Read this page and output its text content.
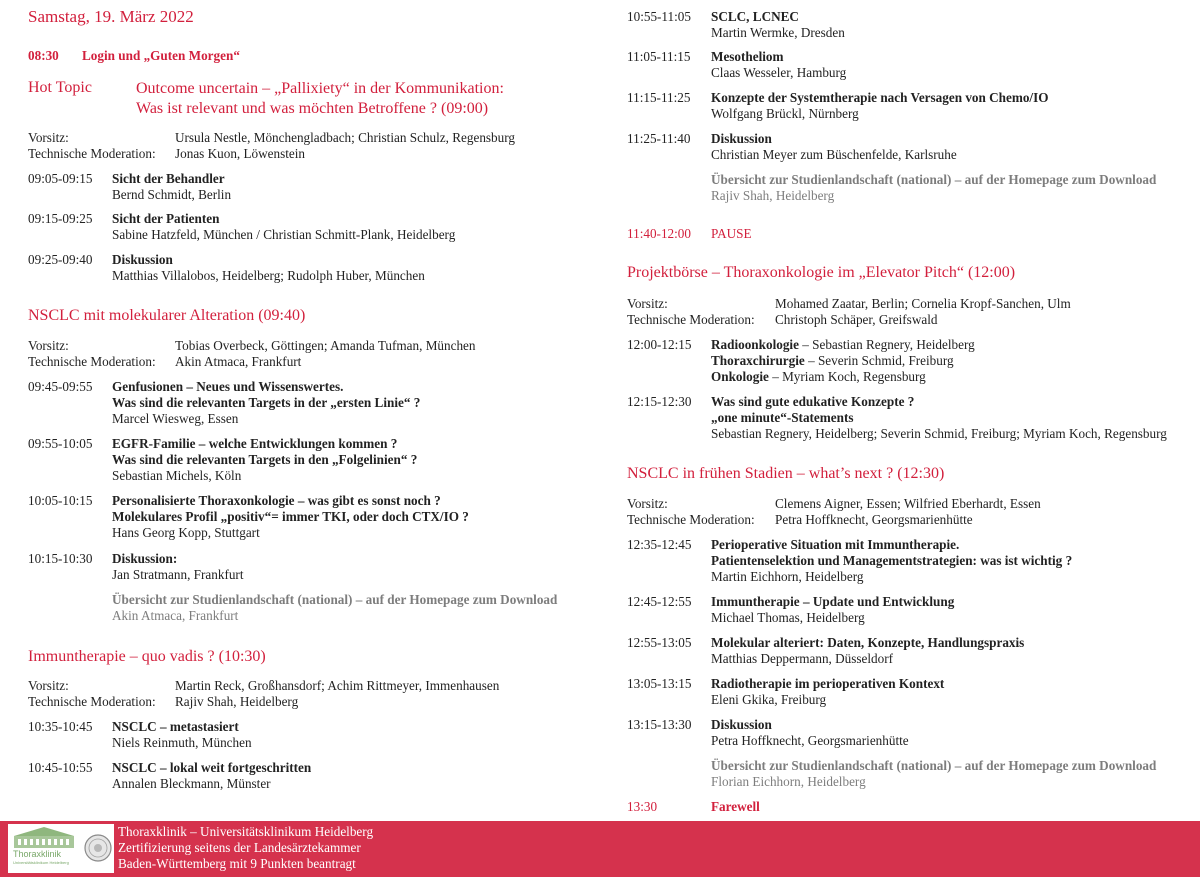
Samstag, 19. März 2022
08:30 Login und „Guten Morgen“
Hot Topic	Outcome uncertain – „Pallixiety“ in der Kommunikation:
Was ist relevant und was möchten Betroffene ? (09:00)
Vorsitz:	Ursula Nestle, Mönchengladbach; Christian Schulz, Regensburg
Technische Moderation: Jonas Kuon, Löwenstein
09:05-09:15 Sicht der Behandler
Bernd Schmidt, Berlin
09:15-09:25 Sicht der Patienten
Sabine Hatzfeld, München / Christian Schmitt-Plank, Heidelberg
09:25-09:40 Diskussion
Matthias Villalobos, Heidelberg; Rudolph Huber, München
NSCLC mit molekularer Alteration (09:40)
Vorsitz:	Tobias Overbeck, Göttingen; Amanda Tufman, München
Technische Moderation: Akin Atmaca, Frankfurt
09:45-09:55 Genfusionen – Neues und Wissenswertes.
Was sind die relevanten Targets in der „ersten Linie“ ?
Marcel Wiesweg, Essen
09:55-10:05 EGFR-Familie – welche Entwicklungen kommen ?
Was sind die relevanten Targets in den „Folgelinien“ ?
Sebastian Michels, Köln
10:05-10:15 Personalisierte Thoraxonkologie – was gibt es sonst noch ?
Molekulares Profil „positiv“= immer TKI, oder doch CTX/IO ?
Hans Georg Kopp, Stuttgart
10:15-10:30 Diskussion:
Jan Stratmann, Frankfurt
Übersicht zur Studienlandschaft (national) – auf der Homepage zum Download
Akin Atmaca, Frankfurt
Immuntherapie – quo vadis ? (10:30)
Vorsitz:	Martin Reck, Großhansdorf; Achim Rittmeyer, Immenhausen
Technische Moderation: Rajiv Shah, Heidelberg
10:35-10:45 NSCLC – metastasiert
Niels Reinmuth, München
10:45-10:55 NSCLC – lokal weit fortgeschritten
Annalen Bleckmann, Münster
10:55-11:05 SCLC, LCNEC
Martin Wermke, Dresden
11:05-11:15 Mesotheliom
Claas Wesseler, Hamburg
11:15-11:25 Konzepte der Systemtherapie nach Versagen von Chemo/IO
Wolfgang Brückl, Nürnberg
11:25-11:40 Diskussion
Christian Meyer zum Büschenfelde, Karlsruhe
Übersicht zur Studienlandschaft (national) – auf der Homepage zum Download
Rajiv Shah, Heidelberg
11:40-12:00 PAUSE
Projektbörse – Thoraxonkologie im „Elevator Pitch“ (12:00)
Vorsitz:	Mohamed Zaatar, Berlin; Cornelia Kropf-Sanchen, Ulm
Technische Moderation: Christoph Schäper, Greifswald
12:00-12:15 Radioonkologie – Sebastian Regnery, Heidelberg
Thoraxchirurgie – Severin Schmid, Freiburg
Onkologie – Myriam Koch, Regensburg
12:15-12:30 Was sind gute edukative Konzepte ?
„one minute“-Statements
Sebastian Regnery, Heidelberg; Severin Schmid, Freiburg; Myriam Koch, Regensburg
NSCLC in frühen Stadien – what’s next ? (12:30)
Vorsitz:	Clemens Aigner, Essen; Wilfried Eberhardt, Essen
Technische Moderation: Petra Hoffknecht, Georgsmarienhütte
12:35-12:45 Perioperative Situation mit Immuntherapie.
Patientenselektion und Managementstrategien: was ist wichtig ?
Martin Eichhorn, Heidelberg
12:45-12:55 Immuntherapie – Update und Entwicklung
Michael Thomas, Heidelberg
12:55-13:05 Molekular alteriert: Daten, Konzepte, Handlungspraxis
Matthias Deppermann, Düsseldorf
13:05-13:15 Radiotherapie im perioperativen Kontext
Eleni Gkika, Freiburg
13:15-13:30 Diskussion
Petra Hoffknecht, Georgsmarienhütte
Übersicht zur Studienlandschaft (national) – auf der Homepage zum Download
Florian Eichhorn, Heidelberg
13:30	Farewell
Thoraxklinik
Universitätsklinikum Heidelberg
Thoraxklinik – Universitätsklinikum Heidelberg
Zertifizierung seitens der Landesärztekammer
Baden-Württemberg mit 9 Punkten beantragt
